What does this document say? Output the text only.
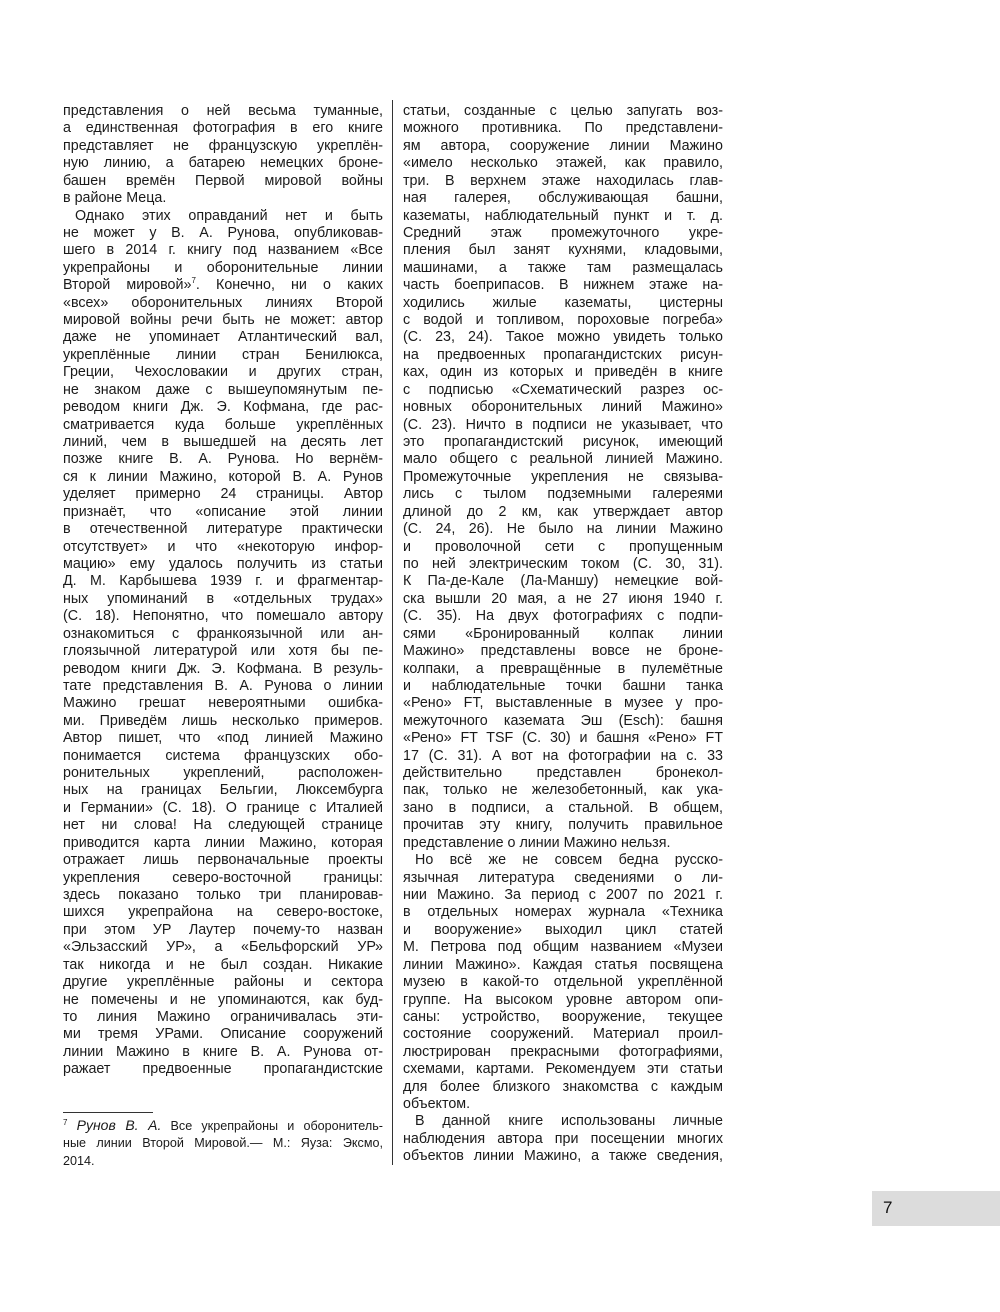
представления о ней весьма туманные,
а единственная фотография в его книге
представляет не французскую укреплён-
ную линию, а батарею немецких броне-
башен времён Первой мировой войны
в районе Меца.
Однако этих оправданий нет и быть
не может у В. А. Рунова, опубликовав-
шего в 2014 г. книгу под названием «Все
укрепрайоны и оборонительные линии
Второй мировой»$^7$. Конечно, ни о каких
«всех» оборонительных линиях Второй
мировой войны речи быть не может: автор
даже не упоминает Атлантический вал,
укреплённые линии стран Бенилюкса,
Греции, Чехословакии и других стран,
не знаком даже с вышеупомянутым пе-
реводом книги Дж. Э. Кофмана, где рас-
сматривается куда больше укреплённых
линий, чем в вышедшей на десять лет
позже книге В. А. Рунова. Но вернём-
ся к линии Мажино, которой В. А. Рунов
уделяет примерно 24 страницы. Автор
признаёт, что «описание этой линии
в отечественной литературе практически
отсутствует» и что «некоторую инфор-
мацию» ему удалось получить из статьи
Д. М. Карбышева 1939 г. и фрагментар-
ных упоминаний в «отдельных трудах»
(С. 18). Непонятно, что помешало автору
ознакомиться с франкоязычной или ан-
глоязычной литературой или хотя бы пе-
реводом книги Дж. Э. Кофмана. В резуль-
тате представления В. А. Рунова о линии
Мажино грешат невероятными ошибка-
ми. Приведём лишь несколько примеров.
Автор пишет, что «под линией Мажино
понимается система французских обо-
ронительных укреплений, расположен-
ных на границах Бельгии, Люксембурга
и Германии» (С. 18). О границе с Италией
нет ни слова! На следующей странице
приводится карта линии Мажино, которая
отражает лишь первоначальные проекты
укрепления северо-восточной границы:
здесь показано только три планировав-
шихся укрепрайона на северо-востоке,
при этом УР Лаутер почему-то назван
«Эльзасский УР», а «Бельфорский УР»
так никогда и не был создан. Никакие
другие укреплённые районы и сектора
не помечены и не упоминаются, как буд-
то линия Мажино ограничивалась эти-
ми тремя УРами. Описание сооружений
линии Мажино в книге В. А. Рунова от-
ражает предвоенные пропагандистские
статьи, созданные с целью запугать воз-
можного противника. По представлени-
ям автора, сооружение линии Мажино
«имело несколько этажей, как правило,
три. В верхнем этаже находилась глав-
ная галерея, обслуживающая башни,
казематы, наблюдательный пункт и т. д.
Средний этаж промежуточного укре-
пления был занят кухнями, кладовыми,
машинами, а также там размещалась
часть боеприпасов. В нижнем этаже на-
ходились жилые казематы, цистерны
с водой и топливом, пороховые погреба»
(С. 23, 24). Такое можно увидеть только
на предвоенных пропагандистских рисун-
ках, один из которых и приведён в книге
с подписью «Схематический разрез ос-
новных оборонительных линий Мажино»
(С. 23). Ничто в подписи не указывает, что
это пропагандистский рисунок, имеющий
мало общего с реальной линией Мажино.
Промежуточные укрепления не связыва-
лись с тылом подземными галереями
длиной до 2 км, как утверждает автор
(С. 24, 26). Не было на линии Мажино
и проволочной сети с пропущенным
по ней электрическим током (С. 30, 31).
К Па-де-Кале (Ла-Маншу) немецкие вой-
ска вышли 20 мая, а не 27 июня 1940 г.
(С. 35). На двух фотографиях с подпи-
сями «Бронированный колпак линии
Мажино» представлены вовсе не броне-
колпаки, а превращённые в пулемётные
и наблюдательные точки башни танка
«Рено» FT, выставленные в музее у про-
межуточного каземата Эш (Esch): башня
«Рено» FT TSF (С. 30) и башня «Рено» FT
17 (С. 31). А вот на фотографии на с. 33
действительно представлен бронекол-
пак, только не железобетонный, как ука-
зано в подписи, а стальной. В общем,
прочитав эту книгу, получить правильное
представление о линии Мажино нельзя.
Но всё же не совсем бедна русско-
язычная литература сведениями о ли-
нии Мажино. За период с 2007 по 2021 г.
в отдельных номерах журнала «Техника
и вооружение» выходил цикл статей
М. Петрова под общим названием «Музеи
линии Мажино». Каждая статья посвящена
музею в какой-то отдельной укреплённой
группе. На высоком уровне автором опи-
саны: устройство, вооружение, текущее
состояние сооружений. Материал проил-
люстрирован прекрасными фотографиями,
схемами, картами. Рекомендуем эти статьи
для более близкого знакомства с каждым
объектом.
В данной книге использованы личные
наблюдения автора при посещении многих
объектов линии Мажино, а также сведения,
$^7$ Рунов В. А. Все укрепрайоны и оборонитель-
ные линии Второй Мировой.— М.: Яуза: Эксмо,
2014.
7
